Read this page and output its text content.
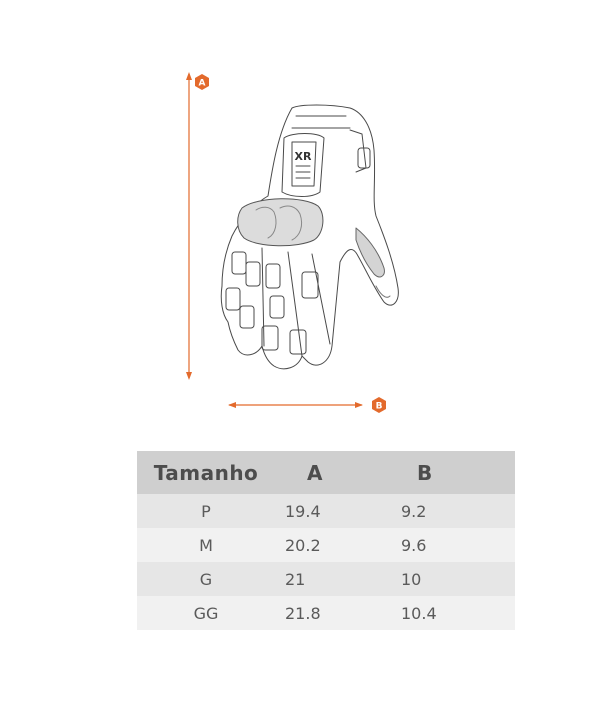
A
B
XR
Tamanho	A	B
P	19.4	9.2
M	20.2	9.6
G	21	10
GG	21.8	10.4
